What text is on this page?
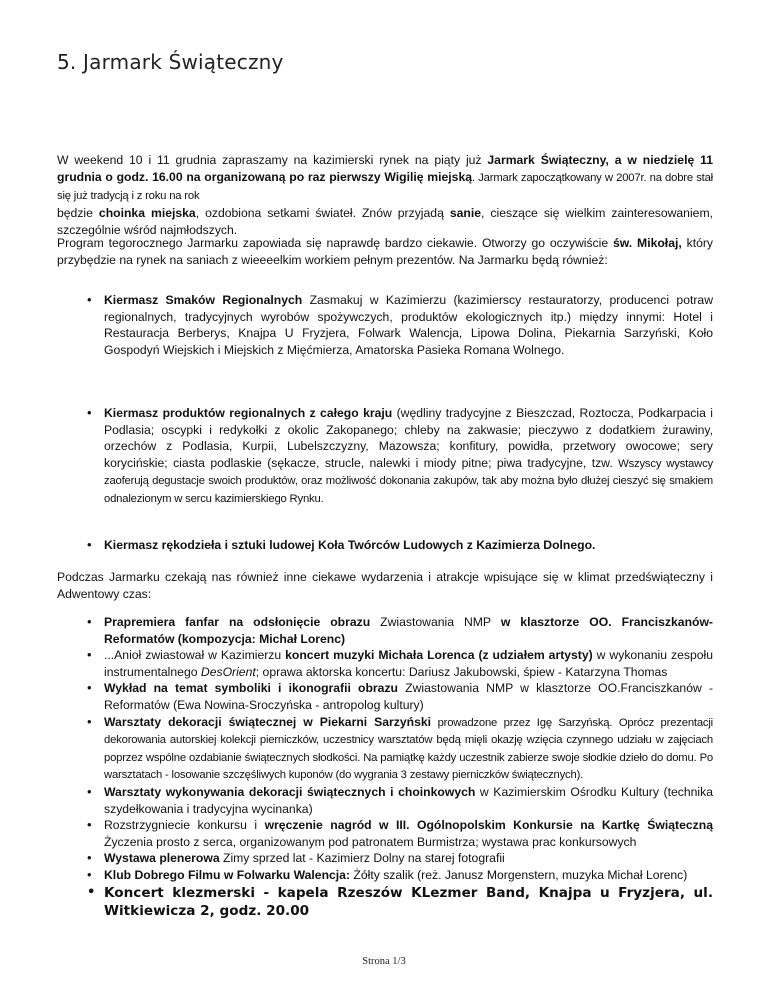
5. Jarmark Świąteczny
W weekend 10 i 11 grudnia zapraszamy na kazimierski rynek na piąty już Jarmark Świąteczny, a w niedzielę 11 grudnia o godz. 16.00 na organizowaną po raz pierwszy Wigilię miejską. Jarmark zapoczątkowany w 2007r. na dobre stał się już tradycją i z roku na rok
będzie choinka miejska, ozdobiona setkami świateł. Znów przyjadą sanie, cieszące się wielkim zainteresowaniem, szczególnie wśród najmłodszych.
Program tegorocznego Jarmarku zapowiada się naprawdę bardzo ciekawie. Otworzy go oczywiście św. Mikołaj, który przybędzie na rynek na saniach z wieeeelkim workiem pełnym prezentów. Na Jarmarku będą również:
• Kiermasz Smaków Regionalnych Zasmakuj w Kazimierzu (kazimierscy restauratorzy, producenci potraw regionalnych, tradycyjnych wyrobów spożywczych, produktów ekologicznych itp.) między innymi: Hotel i Restauracja Berberys, Knajpa U Fryzjera, Folwark Walencja, Lipowa Dolina, Piekarnia Sarzyński, Koło Gospodyń Wiejskich i Miejskich z Mięćmierza, Amatorska Pasieka Romana Wolnego.
• Kiermasz produktów regionalnych z całego kraju (wędliny tradycyjne z Bieszczad, Roztocza, Podkarpacia i Podlasia; oscypki i redykołki z okolic Zakopanego; chleby na zakwasie; pieczywo z dodatkiem żurawiny, orzechów z Podlasia, Kurpii, Lubelszczyzny, Mazowsza; konfitury, powidła, przetwory owocowe; sery korycińskie; ciasta podlaskie (sękacze, strucle, nalewki i miody pitne; piwa tradycyjne, tzw. Wszyscy wystawcy zaoferują degustacje swoich produktów, oraz możliwość dokonania zakupów, tak aby można było dłużej cieszyć się smakiem odnalezionym w sercu kazimierskiego Rynku.
• Kiermasz rękodzieła i sztuki ludowej Koła Twórców Ludowych z Kazimierza Dolnego.
Podczas Jarmarku czekają nas również inne ciekawe wydarzenia i atrakcje wpisujące się w klimat przedświąteczny i Adwentowy czas:
• Prapremiera fanfar na odsłonięcie obrazu Zwiastowania NMP w klasztorze OO. Franciszkanów-Reformatów (kompozycja: Michał Lorenc)
• ...Anioł zwiastował w Kazimierzu koncert muzyki Michała Lorenca (z udziałem artysty) w wykonaniu zespołu instrumentalnego DesOrient; oprawa aktorska koncertu: Dariusz Jakubowski, śpiew - Katarzyna Thomas
• Wykład na temat symboliki i ikonografii obrazu Zwiastowania NMP w klasztorze OO.Franciszkanów - Reformatów (Ewa Nowina-Sroczyńska - antropolog kultury)
• Warsztaty dekoracji świątecznej w Piekarni Sarzyński prowadzone przez Igę Sarzyńską. Oprócz prezentacji dekorowania autorskiej kolekcji pierniczków, uczestnicy warsztatów będą mięli okazję wzięcia czynnego udziału w zajęciach poprzez wspólne ozdabianie świątecznych słodkości. Na pamiątkę każdy uczestnik zabierze swoje słodkie dzieło do domu. Po warsztatach - losowanie szczęśliwych kuponów (do wygrania 3 zestawy pierniczków świątecznych).
• Warsztaty wykonywania dekoracji świątecznych i choinkowych w Kazimierskim Ośrodku Kultury (technika szydełkowania i tradycyjna wycinanka)
• Rozstrzygniecie konkursu i wręczenie nagród w III. Ogólnopolskim Konkursie na Kartkę Świąteczną Życzenia prosto z serca, organizowanym pod patronatem Burmistrza; wystawa prac konkursowych
• Wystawa plenerowa Zimy sprzed lat - Kazimierz Dolny na starej fotografii
• Klub Dobrego Filmu w Folwarku Walencja: Żółty szalik (reż. Janusz Morgenstern, muzyka Michał Lorenc)
• Koncert klezmerski - kapela Rzeszów KLezmer Band, Knajpa u Fryzjera, ul. Witkiewicza 2, godz. 20.00
Strona 1/3
